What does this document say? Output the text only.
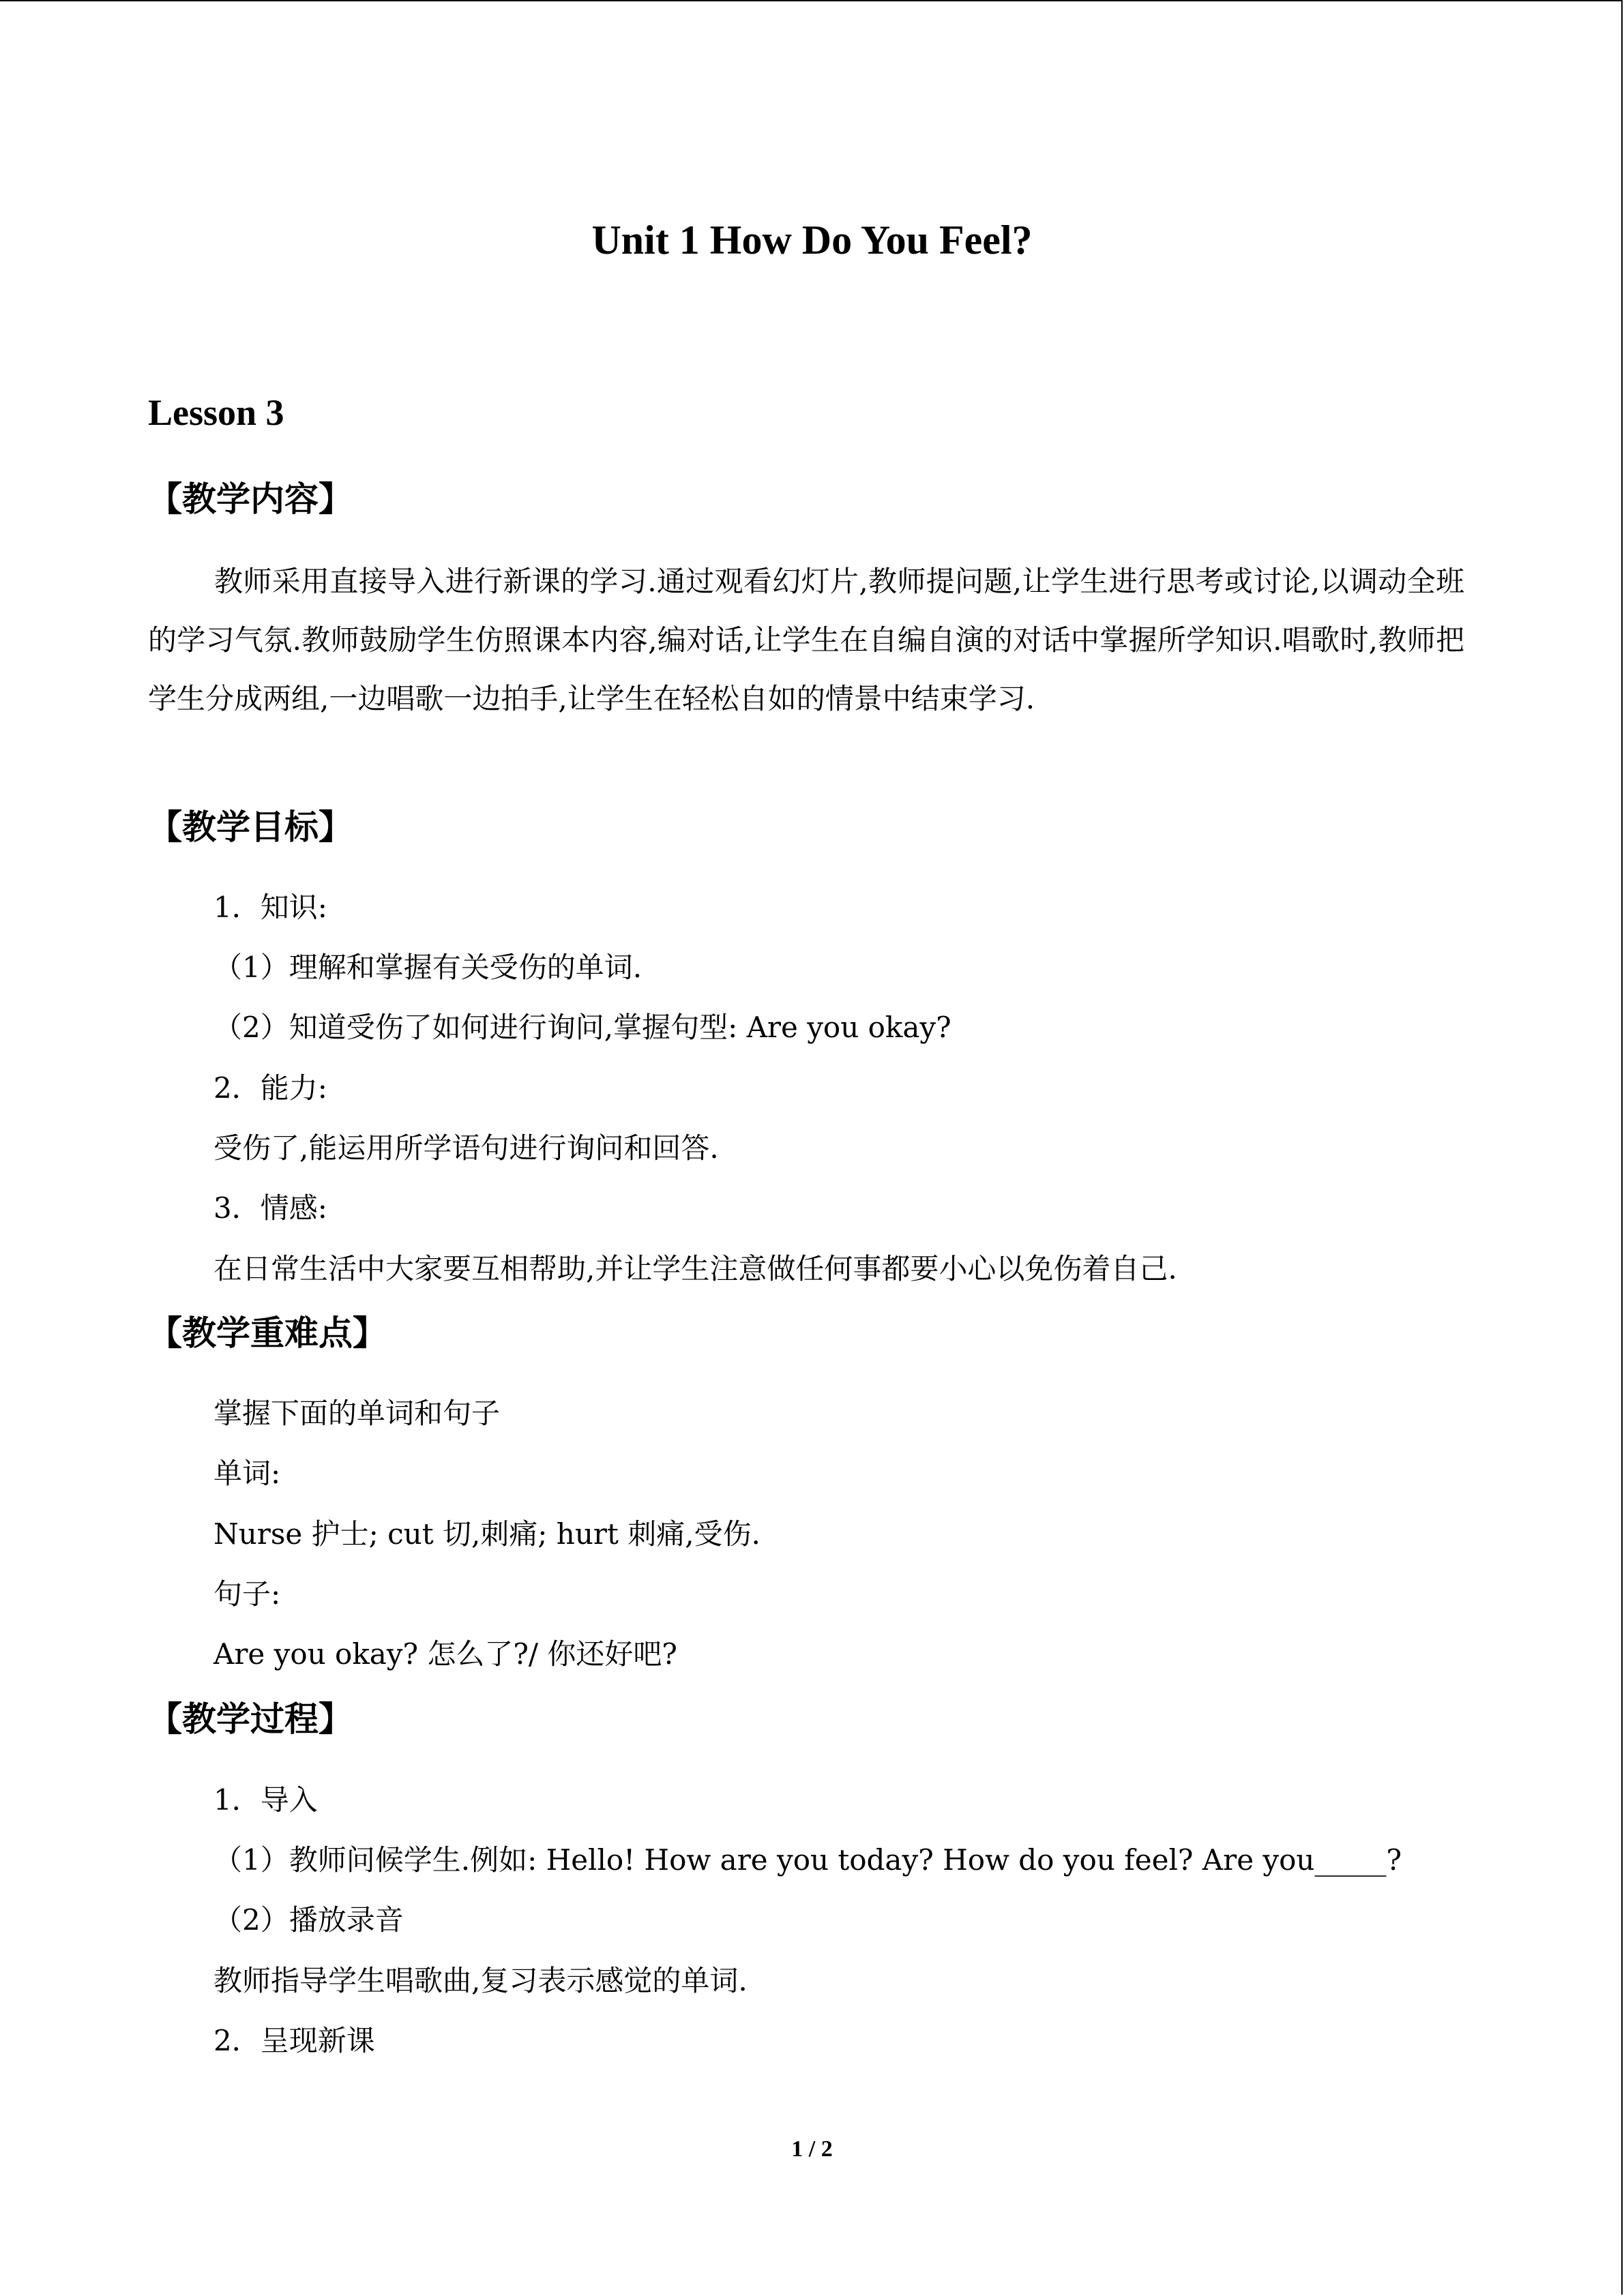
Unit 1 How Do You Feel?
Lesson 3
【教学内容】
教师采用直接导入进行新课的学习.通过观看幻灯片,教师提问题,让学生进行思考或讨论,以调动全班的学习气氛.教师鼓励学生仿照课本内容,编对话,让学生在自编自演的对话中掌握所学知识.唱歌时,教师把学生分成两组,一边唱歌一边拍手,让学生在轻松自如的情景中结束学习.
【教学目标】
1．知识:
（1）理解和掌握有关受伤的单词.
（2）知道受伤了如何进行询问,掌握句型: Are you okay?
2．能力:
受伤了,能运用所学语句进行询问和回答.
3．情感:
在日常生活中大家要互相帮助,并让学生注意做任何事都要小心以免伤着自己.
【教学重难点】
掌握下面的单词和句子
单词:
Nurse 护士; cut 切,刺痛; hurt 刺痛,受伤.
句子:
Are you okay? 怎么了?/ 你还好吧?
【教学过程】
1．导入
（1）教师问候学生.例如: Hello! How are you today? How do you feel? Are you_____?
（2）播放录音
教师指导学生唱歌曲,复习表示感觉的单词.
2．呈现新课
1 / 2
